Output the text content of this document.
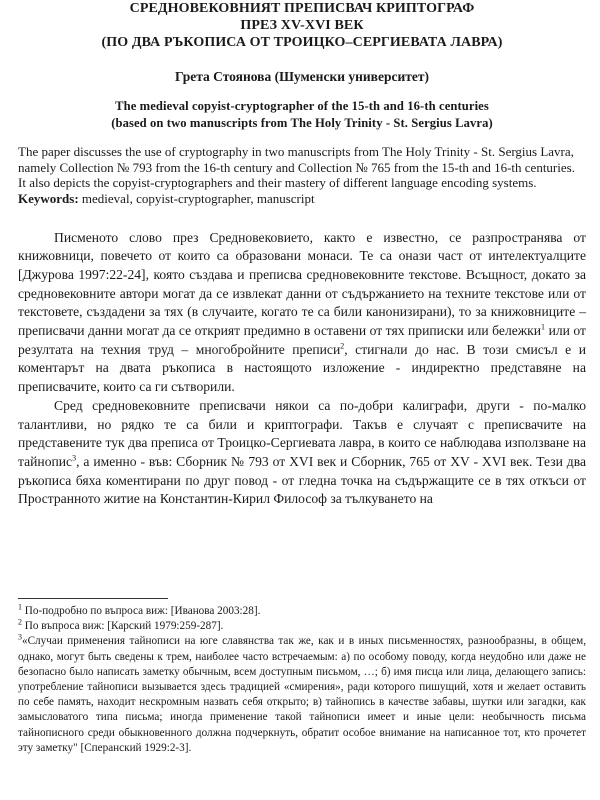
СРЕДНОВЕКОВНИЯТ ПРЕПИСВАЧ КРИПТОГРАФ
ПРЕЗ XV-XVI ВЕК
(ПО ДВА РЪКОПИСА ОТ ТРОИЦКО–СЕРГИЕВАТА ЛАВРА)
Грета Стоянова (Шуменски университет)
The medieval copyist-cryptographer of the 15-th and 16-th centuries
(based on two manuscripts from The Holy Trinity - St. Sergius Lavra)
The paper discusses the use of cryptography in two manuscripts from The Holy Trinity - St. Sergius Lavra, namely Collection № 793 from the 16-th century and Collection № 765 from the 15-th and 16-th centuries. It also depicts the copyist-cryptographers and their mastery of different language encoding systems.
Keywords: medieval, copyist-cryptographer, manuscript

Писменото слово през Средновековието, както е известно, се разпространява от книжовници, повечето от които са образовани монаси. Те са онази част от интелектуалците [Джурова 1997:22-24], която създава и преписва средновековните текстове. Всъщност, докато за средновековните автори могат да се извлекат данни от съдържанието на техните текстове или от текстовете, създадени за тях (в случаите, когато те са били канонизирани), то за книжовниците – преписвачи данни могат да се открият предимно в оставени от тях приписки или бележки$^1$ или от резултата на техния труд – многобройните преписи$^2$, стигнали до нас. В този смисъл е и коментарът на двата ръкописа в настоящото изложение - индиректно представяне на преписвачите, които са ги сътворили.

Сред средновековните преписвачи някои са по-добри калиграфи, други - по-малко талантливи, но рядко те са били и криптографи. Такъв е случаят с преписвачите на представените тук два преписа от Троицко-Сергиевата лавра, в които се наблюдава използване на тайнопис$^3$, а именно - във: Сборник № 793 от XVI век и Сборник, 765 от XV - XVI век. Тези два ръкописа бяха коментирани по друг повод - от гледна точка на съдържащите се в тях откъси от Пространното житие на Константин-Кирил Философ за тълкуването на

$^1$ По-подробно по въпроса виж: [Иванова 2003:28].

$^2$ По въпроса виж: [Карский 1979:259-287].

$^3$«Случаи применения тайнописи на юге славянства так же, как и в иных письменностях, разнообразны, в общем, однако, могут быть сведены к трем, наиболее часто встречаемым: а) по особому поводу, когда неудобно или даже не безопасно было написать заметку обычным, всем доступным письмом, …; б) имя писца или лица, делающего запись: употребление тайнописи вызывается здесь традицией «смирения», ради которого пишущий, хотя и желает оставить по себе память, находит нескромным назвать себя открыто; в) тайнопись в качестве забавы, шутки или загадки, как замысловатого типа письма; иногда применение такой тайнописи имеет и иные цели: необычность письма тайнописного среди обыкновенного должна подчеркнуть, обратит особое внимание на написанное тот, кто прочетет эту заметку" [Сперанский 1929:2-3].
